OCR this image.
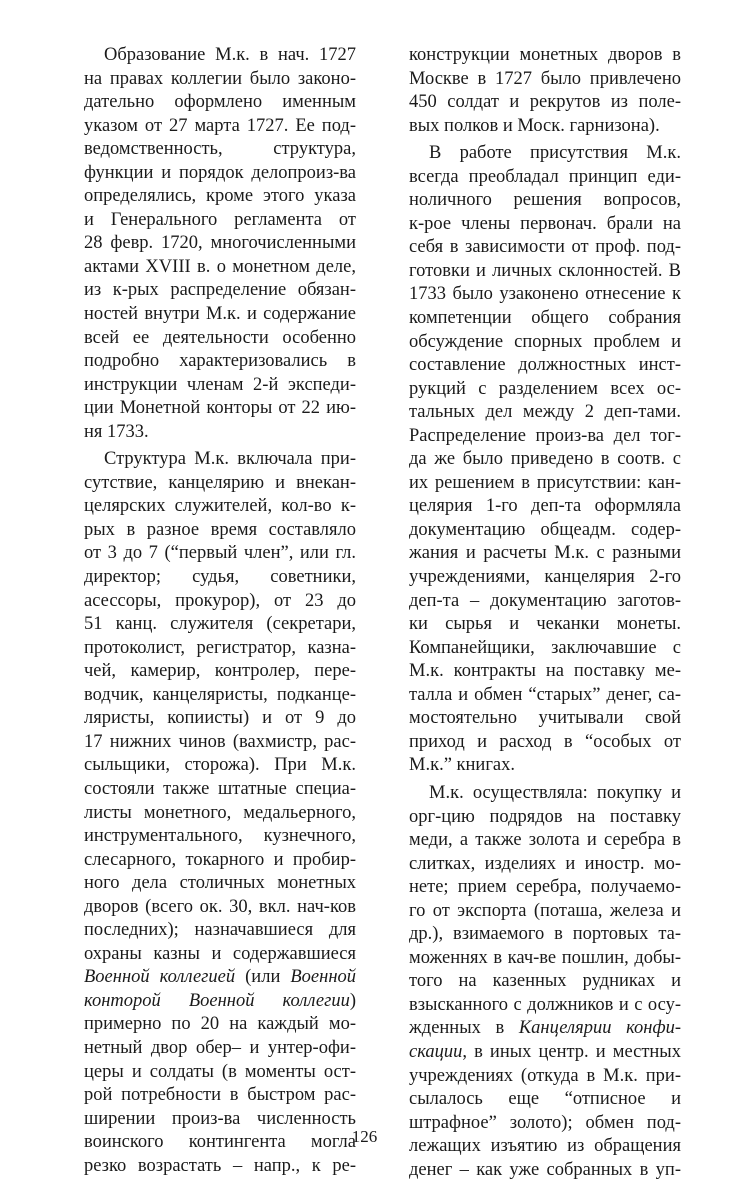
Образование М.к. в нач. 1727
на правах коллегии было законо-
дательно оформлено именным
указом от 27 марта 1727. Ее под-
ведомственность, структура,
функции и порядок делопроиз-ва
определялись, кроме этого указа
и Генерального регламента от
28 февр. 1720, многочисленными
актами XVIII в. о монетном деле,
из к-рых распределение обязан-
ностей внутри М.к. и содержание
всей ее деятельности особенно
подробно характеризовались в
инструкции членам 2-й экспеди-
ции Монетной конторы от 22 ию-
ня 1733.
Структура М.к. включала при-
сутствие, канцелярию и внекан-
целярских служителей, кол-во к-
рых в разное время составляло
от 3 до 7 (“первый член”, или гл.
директор; судья, советники,
асессоры, прокурор), от 23 до
51 канц. служителя (секретари,
протоколист, регистратор, казна-
чей, камерир, контролер, пере-
водчик, канцеляристы, подканце-
ляристы, копиисты) и от 9 до
17 нижних чинов (вахмистр, рас-
сыльщики, сторожа). При М.к.
состояли также штатные специа-
листы монетного, медальерного,
инструментального, кузнечного,
слесарного, токарного и пробир-
ного дела столичных монетных
дворов (всего ок. 30, вкл. нач-ков
последних); назначавшиеся для
охраны казны и содержавшиеся
Военной коллегией (или Военной
конторой Военной коллегии)
примерно по 20 на каждый мо-
нетный двор обер– и унтер-офи-
церы и солдаты (в моменты ост-
рой потребности в быстром рас-
ширении произ-ва численность
воинского контингента могла
резко возрастать – напр., к ре-
конструкции монетных дворов в
Москве в 1727 было привлечено
450 солдат и рекрутов из поле-
вых полков и Моск. гарнизона).
В работе присутствия М.к.
всегда преобладал принцип еди-
ноличного решения вопросов,
к-рое члены первонач. брали на
себя в зависимости от проф. под-
готовки и личных склонностей. В
1733 было узаконено отнесение к
компетенции общего собрания
обсуждение спорных проблем и
составление должностных инст-
рукций с разделением всех ос-
тальных дел между 2 деп-тами.
Распределение произ-ва дел тог-
да же было приведено в соотв. с
их решением в присутствии: кан-
целярия 1-го деп-та оформляла
документацию общеадм. содер-
жания и расчеты М.к. с разными
учреждениями, канцелярия 2-го
деп-та – документацию заготов-
ки сырья и чеканки монеты.
Компанейщики, заключавшие с
М.к. контракты на поставку ме-
талла и обмен “старых” денег, са-
мостоятельно учитывали свой
приход и расход в “особых от
М.к.” книгах.
М.к. осуществляла: покупку и
орг-цию подрядов на поставку
меди, а также золота и серебра в
слитках, изделиях и иностр. мо-
нете; прием серебра, получаемо-
го от экспорта (поташа, железа и
др.), взимаемого в портовых та-
моженнях в кач-ве пошлин, добы-
того на казенных рудниках и
взысканного с должников и с осу-
жденных в Канцелярии конфи-
скации, в иных центр. и местных
учреждениях (откуда в М.к. при-
сылалось еще “отписное и
штрафное” золото); обмен под-
лежащих изъятию из обращения
денег – как уже собранных в уп-
126
